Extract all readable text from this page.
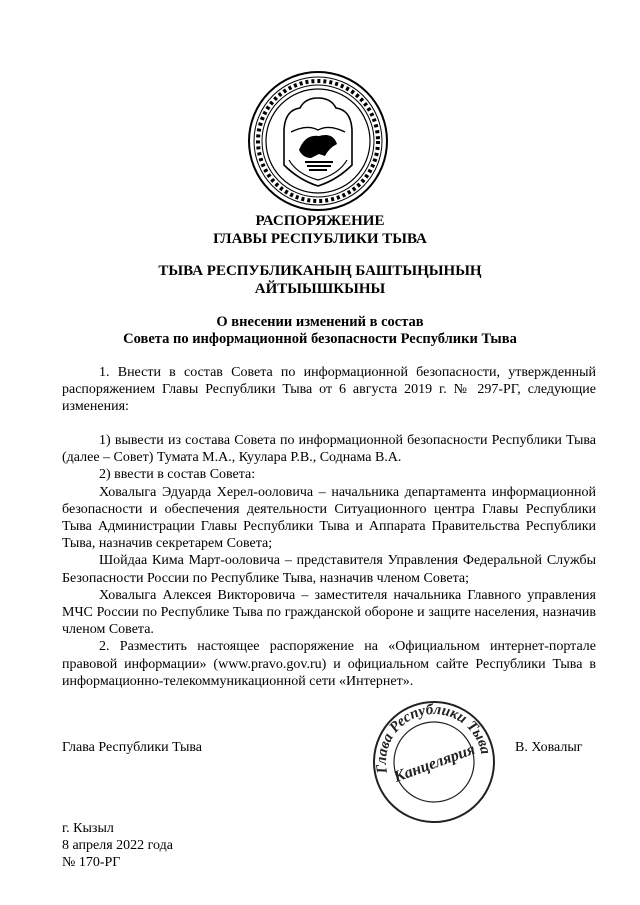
РАСПОРЯЖЕНИЕ
ГЛАВЫ РЕСПУБЛИКИ ТЫВА
ТЫВА РЕСПУБЛИКАНЫҢ БАШТЫҢЫНЫҢ
АЙТЫЫШКЫНЫ
О внесении изменений в состав
Совета по информационной безопасности Республики Тыва

1. Внести в состав Совета по информационной безопасности, утвержденный распоряжением Главы Республики Тыва от 6 августа 2019 г. № 297-РГ, следующие изменения:

1) вывести из состава Совета по информационной безопасности Республики Тыва (далее – Совет) Тумата М.А., Куулара Р.В., Соднама В.А.

2) ввести в состав Совета:

Ховалыга Эдуарда Херел-ооловича – начальника департамента информационной безопасности и обеспечения деятельности Ситуационного центра Главы Республики Тыва Администрации Главы Республики Тыва и Аппарата Правительства Республики Тыва, назначив секретарем Совета;

Шойдаа Кима Март-ооловича – представителя Управления Федеральной Службы Безопасности России по Республике Тыва, назначив членом Совета;

Ховалыга Алексея Викторовича – заместителя начальника Главного управления МЧС России по Республике Тыва по гражданской обороне и защите населения, назначив членом Совета.

2. Разместить настоящее распоряжение на «Официальном интернет-портале правовой информации» (www.pravo.gov.ru) и официальном сайте Республики Тыва в информационно-телекоммуникационной сети «Интернет».

Глава Республики Тыва
Канцелярия
Глава Республики Тыва	В. Ховалыг
г. Кызыл
8 апреля 2022 года
№ 170-РГ
